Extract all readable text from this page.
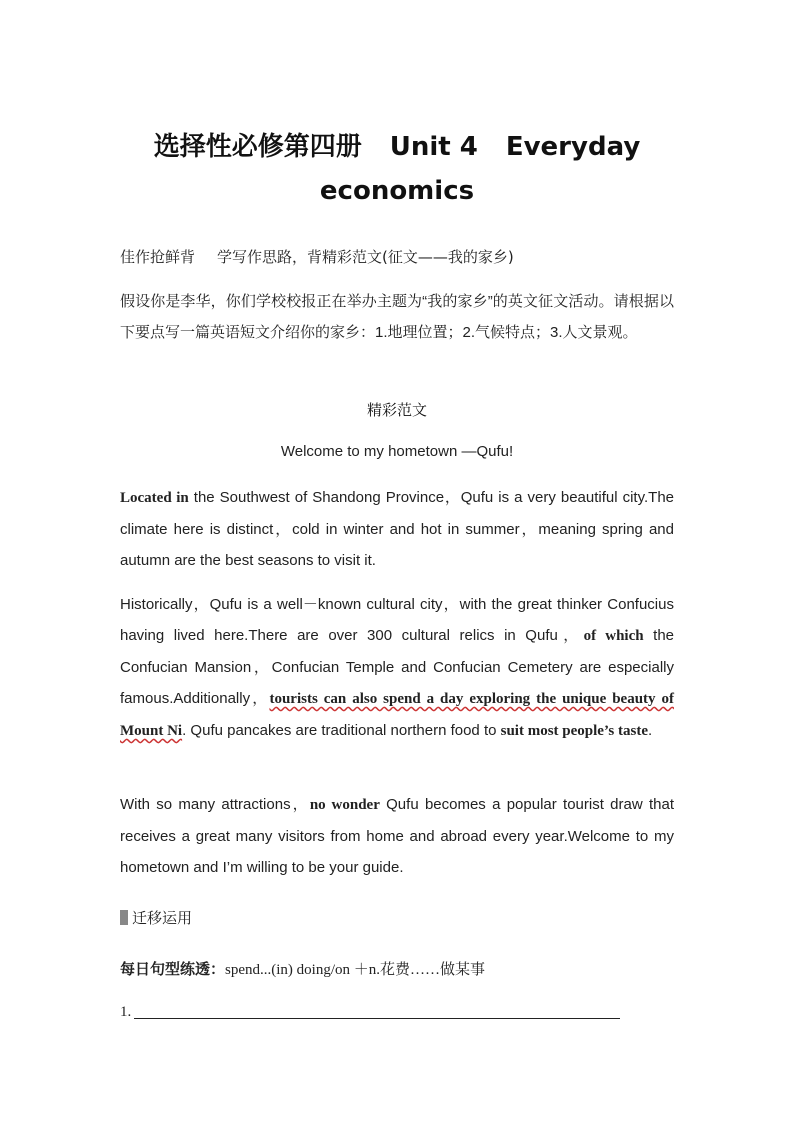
选择性必修第四册 Unit 4 Everyday
economics
佳作抢鲜背 学写作思路，背精彩范文(征文——我的家乡)
假设你是李华，你们学校校报正在举办主题为“我的家乡”的英文征文活动。请根据以下要点写一篇英语短文介绍你的家乡：1.地理位置；2.气候特点；3.人文景观。
精彩范文
Welcome to my hometown —Qufu!
Located in the Southwest of Shandong Province，Qufu is a very beautiful city.The climate here is distinct，cold in winter and hot in summer，meaning spring and autumn are the best seasons to visit it.
Historically，Qufu is a well－known cultural city，with the great thinker Confucius having lived here.There are over 300 cultural relics in Qufu，of which the Confucian Mansion，Confucian Temple and Confucian Cemetery are especially famous.Additionally，tourists can also spend a day exploring the unique beauty of Mount Ni. Qufu pancakes are traditional northern food to suit most people’s taste.
With so many attractions，no wonder Qufu becomes a popular tourist draw that receives a great many visitors from home and abroad every year.Welcome to my hometown and I’m willing to be your guide.
迁移运用
每日句型练透：spend...(in) doing/on ＋n.花费……做某事
1.
